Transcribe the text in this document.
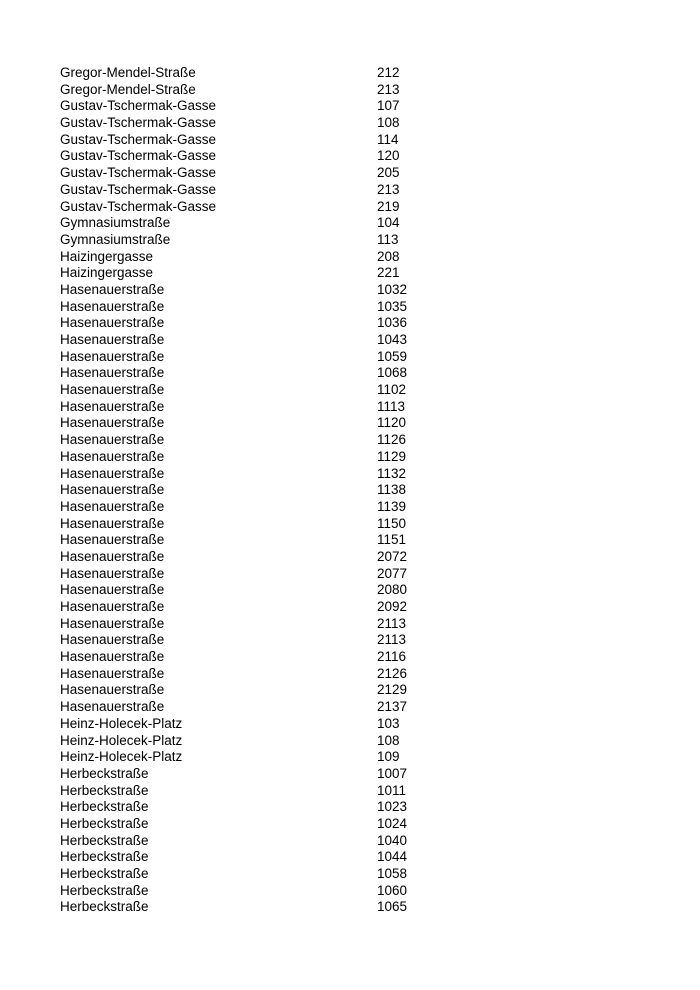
Gregor-Mendel-Straße	212
Gregor-Mendel-Straße	213
Gustav-Tschermak-Gasse	107
Gustav-Tschermak-Gasse	108
Gustav-Tschermak-Gasse	114
Gustav-Tschermak-Gasse	120
Gustav-Tschermak-Gasse	205
Gustav-Tschermak-Gasse	213
Gustav-Tschermak-Gasse	219
Gymnasiumstraße	104
Gymnasiumstraße	113
Haizingergasse	208
Haizingergasse	221
Hasenauerstraße	1032
Hasenauerstraße	1035
Hasenauerstraße	1036
Hasenauerstraße	1043
Hasenauerstraße	1059
Hasenauerstraße	1068
Hasenauerstraße	1102
Hasenauerstraße	1113
Hasenauerstraße	1120
Hasenauerstraße	1126
Hasenauerstraße	1129
Hasenauerstraße	1132
Hasenauerstraße	1138
Hasenauerstraße	1139
Hasenauerstraße	1150
Hasenauerstraße	1151
Hasenauerstraße	2072
Hasenauerstraße	2077
Hasenauerstraße	2080
Hasenauerstraße	2092
Hasenauerstraße	2113
Hasenauerstraße	2113
Hasenauerstraße	2116
Hasenauerstraße	2126
Hasenauerstraße	2129
Hasenauerstraße	2137
Heinz-Holecek-Platz	103
Heinz-Holecek-Platz	108
Heinz-Holecek-Platz	109
Herbeckstraße	1007
Herbeckstraße	1011
Herbeckstraße	1023
Herbeckstraße	1024
Herbeckstraße	1040
Herbeckstraße	1044
Herbeckstraße	1058
Herbeckstraße	1060
Herbeckstraße	1065
